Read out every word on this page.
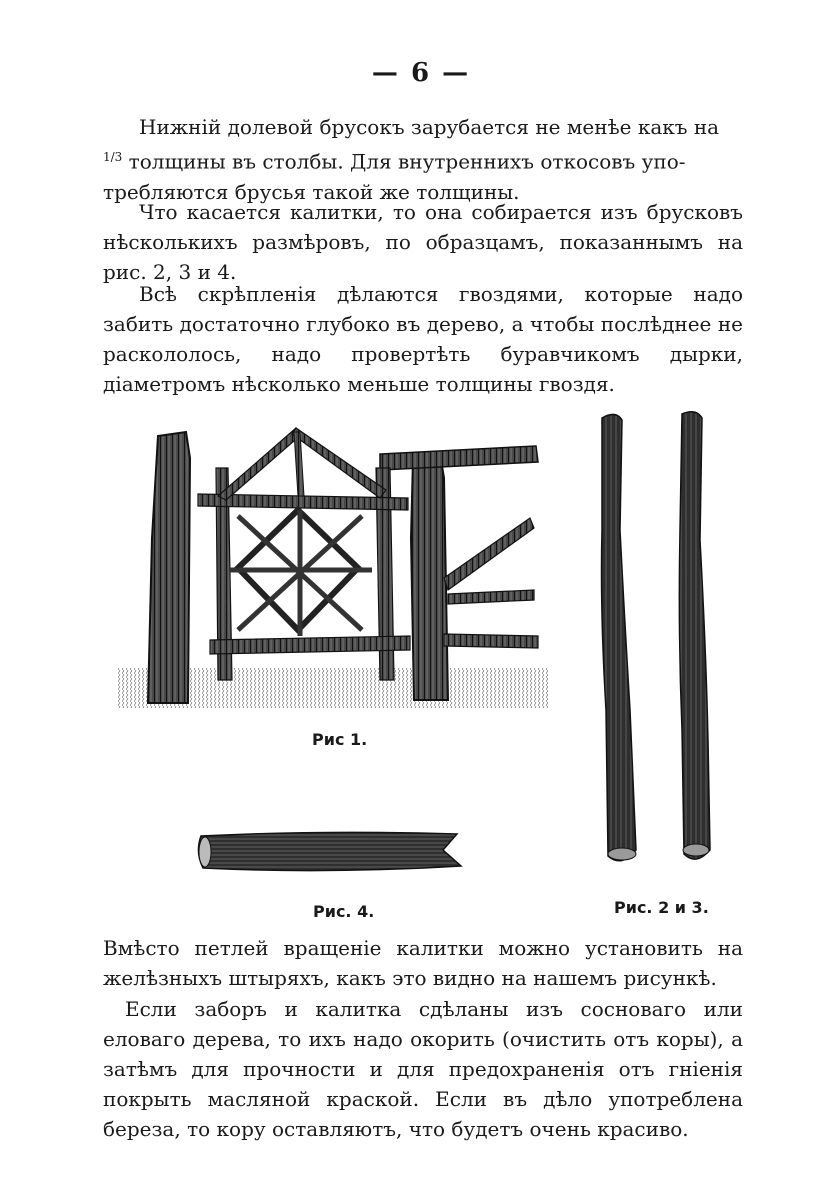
— 6 —

Нижній долевой брусокъ зарубается не менѣе какъ на
$^{1/3}$ толщины въ столбы. Для внутреннихъ откосовъ упо-
требляются брусья такой же толщины.

Что касается калитки, то она собирается изъ брусковъ нѣсколькихъ размѣровъ, по образцамъ, показаннымъ на рис. 2, 3 и 4.

Всѣ скрѣпленія дѣлаются гвоздями, которые надо забить достаточно глубоко въ дерево, а чтобы послѣднее не раскололось, надо провертѣть буравчикомъ дырки, діаметромъ нѣсколько меньше толщины гвоздя.

Рис 1.
Рис. 2 и 3.
Рис. 4.

Вмѣсто петлей вращеніе калитки можно установить на желѣзныхъ штыряхъ, какъ это видно на нашемъ рисункѣ.

Если заборъ и калитка сдѣланы изъ сосноваго или еловаго дерева, то ихъ надо окорить (очистить отъ коры), а затѣмъ для прочности и для предохраненія отъ гніенія покрыть масляной краской. Если въ дѣло употреблена береза, то кору оставляютъ, что будетъ очень красиво.
